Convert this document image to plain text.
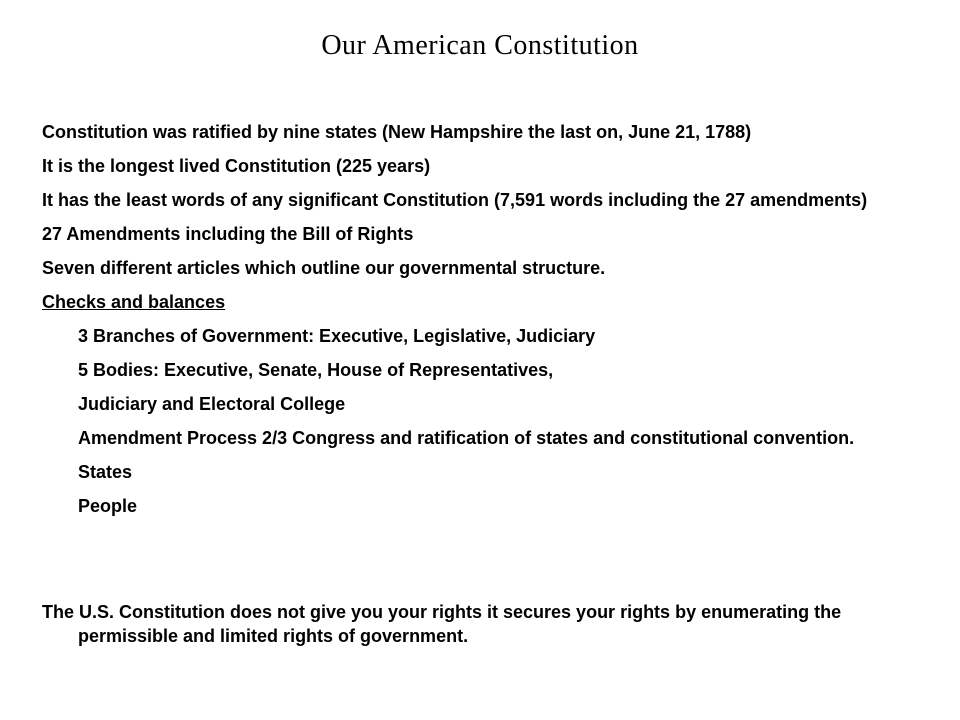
Our American Constitution
Constitution was ratified by nine states (New Hampshire the last on, June 21, 1788)
It is the longest lived Constitution (225 years)
It has the least words of any significant Constitution (7,591 words including the 27 amendments)
27 Amendments including the Bill of Rights
Seven different articles which outline our governmental structure.
Checks and balances
3 Branches of Government: Executive, Legislative, Judiciary
5 Bodies: Executive, Senate, House of Representatives,
Judiciary and Electoral College
Amendment Process 2/3 Congress and ratification of states and constitutional convention.
States
People
The U.S. Constitution does not give you your rights it secures your rights by enumerating the permissible and limited rights of government.
